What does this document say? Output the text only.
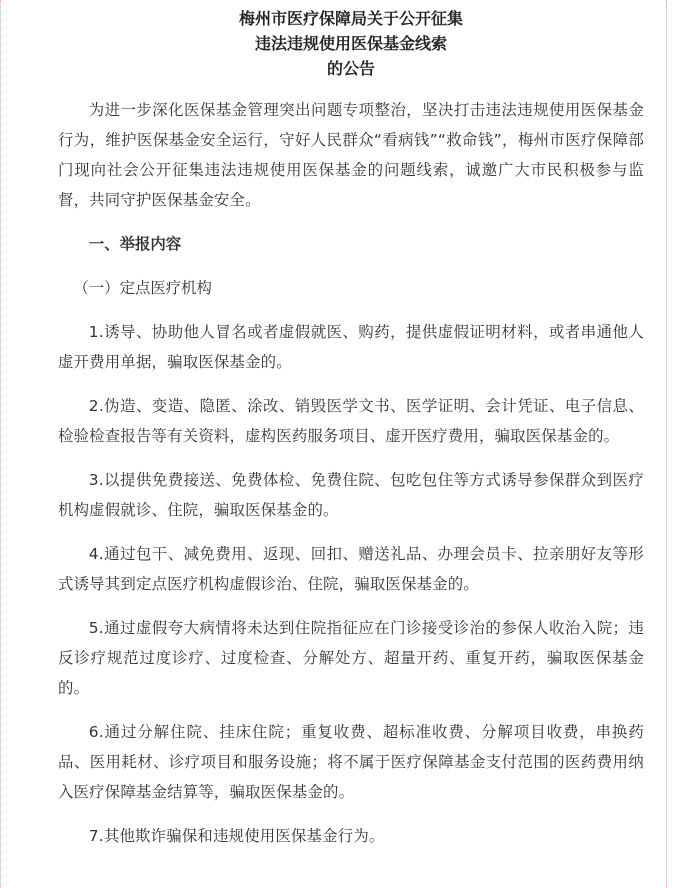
梅州市医疗保障局关于公开征集
违法违规使用医保基金线索
的公告

为进一步深化医保基金管理突出问题专项整治，坚决打击违法违规使用医保基金行为，维护医保基金安全运行，守好人民群众“看病钱”“救命钱”，梅州市医疗保障部门现向社会公开征集违法违规使用医保基金的问题线索，诚邀广大市民积极参与监督，共同守护医保基金安全。

一、举报内容

（一）定点医疗机构

1.诱导、协助他人冒名或者虚假就医、购药，提供虚假证明材料，或者串通他人虚开费用单据，骗取医保基金的。

2.伪造、变造、隐匿、涂改、销毁医学文书、医学证明、会计凭证、电子信息、检验检查报告等有关资料，虚构医药服务项目、虚开医疗费用，骗取医保基金的。

3.以提供免费接送、免费体检、免费住院、包吃包住等方式诱导参保群众到医疗机构虚假就诊、住院，骗取医保基金的。

4.通过包干、减免费用、返现、回扣、赠送礼品、办理会员卡、拉亲朋好友等形式诱导其到定点医疗机构虚假诊治、住院，骗取医保基金的。

5.通过虚假夸大病情将未达到住院指征应在门诊接受诊治的参保人收治入院；违反诊疗规范过度诊疗、过度检查、分解处方、超量开药、重复开药，骗取医保基金的。

6.通过分解住院、挂床住院；重复收费、超标准收费、分解项目收费，串换药品、医用耗材、诊疗项目和服务设施；将不属于医疗保障基金支付范围的医药费用纳入医疗保障基金结算等，骗取医保基金的。

7.其他欺诈骗保和违规使用医保基金行为。
